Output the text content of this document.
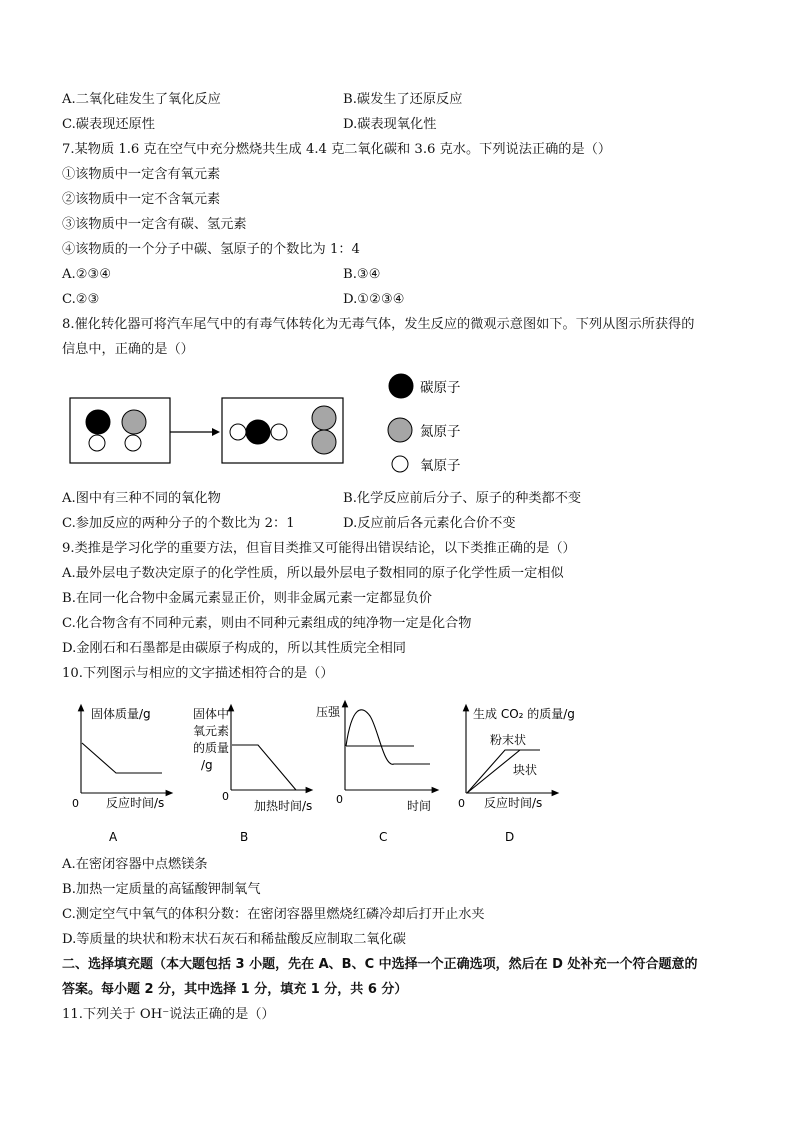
A.二氧化硅发生了氧化反应	B.碳发生了还原反应
C.碳表现还原性	D.碳表现氧化性
7.某物质 1.6 克在空气中充分燃烧共生成 4.4 克二氧化碳和 3.6 克水。下列说法正确的是（）
①该物质中一定含有氧元素
②该物质中一定不含氧元素
③该物质中一定含有碳、氢元素
④该物质的一个分子中碳、氢原子的个数比为 1：4
A.②③④	B.③④
C.②③	D.①②③④
8.催化转化器可将汽车尾气中的有毒气体转化为无毒气体，发生反应的微观示意图如下。下列从图示所获得的
信息中，正确的是（）
碳原子
氮原子
氧原子
A.图中有三种不同的氧化物	B.化学反应前后分子、原子的种类都不变
C.参加反应的两种分子的个数比为 2：1	D.反应前后各元素化合价不变
9.类推是学习化学的重要方法，但盲目类推又可能得出错误结论，以下类推正确的是（）
A.最外层电子数决定原子的化学性质，所以最外层电子数相同的原子化学性质一定相似
B.在同一化合物中金属元素显正价，则非金属元素一定都显负价
C.化合物含有不同种元素，则由不同种元素组成的纯净物一定是化合物
D.金刚石和石墨都是由碳原子构成的，所以其性质完全相同
10.下列图示与相应的文字描述相符合的是（）
固体质量/g
反应时间/s
0
A
固体中
氧元素
的质量
/g
加热时间/s
0
B
压强
时间
0
C
生成 CO₂ 的质量/g
粉末状
块状
反应时间/s
0
D
A.在密闭容器中点燃镁条
B.加热一定质量的高锰酸钾制氧气
C.测定空气中氧气的体积分数：在密闭容器里燃烧红磷冷却后打开止水夹
D.等质量的块状和粉末状石灰石和稀盐酸反应制取二氧化碳
二、选择填充题（本大题包括 3 小题，先在 A、B、C 中选择一个正确选项，然后在 D 处补充一个符合题意的
答案。每小题 2 分，其中选择 1 分，填充 1 分，共 6 分）
11.下列关于 OH⁻说法正确的是（）
